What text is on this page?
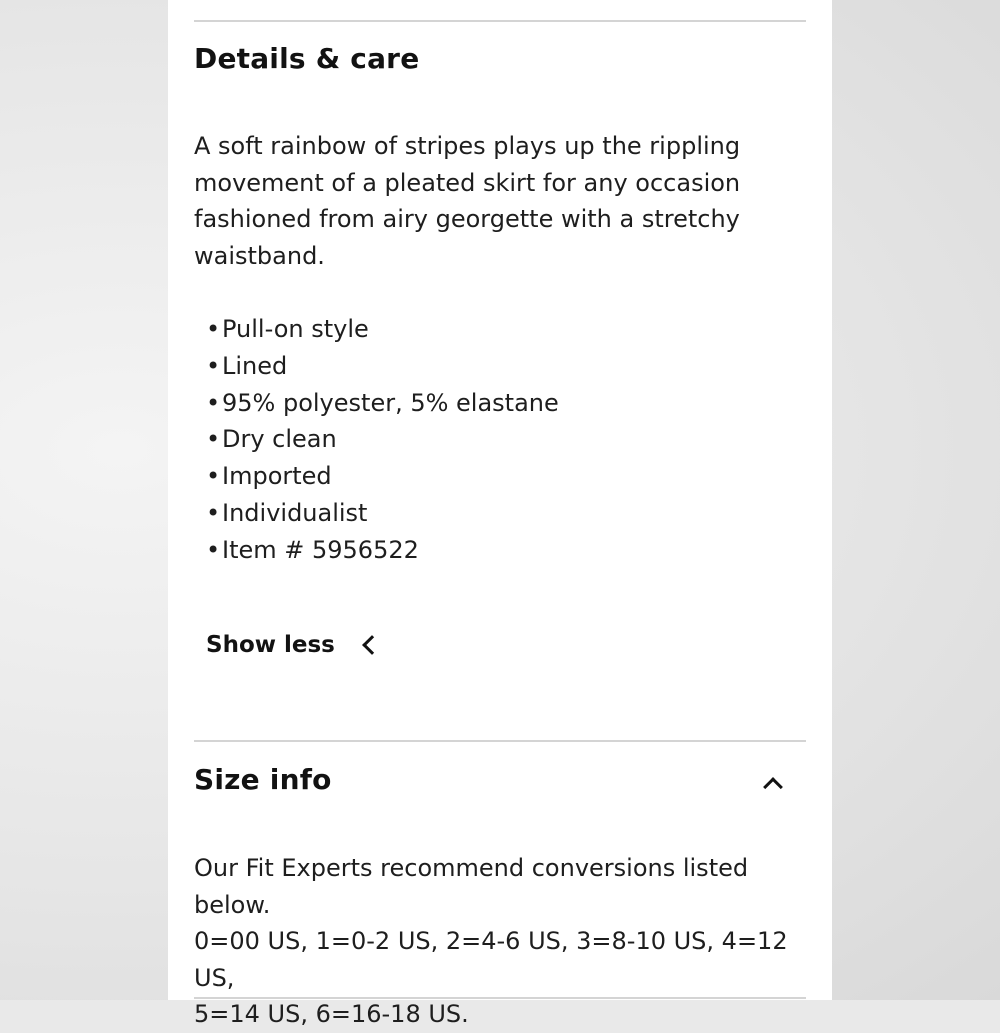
Details & care

A soft rainbow of stripes plays up the rippling
movement of a pleated skirt for any occasion
fashioned from airy georgette with a stretchy
waistband.

•Pull-on style
•Lined
•95% polyester, 5% elastane
•Dry clean
•Imported
•Individualist
•Item # 5956522
Show less
Size info

Our Fit Experts recommend conversions listed below.
0=00 US, 1=0-2 US, 2=4-6 US, 3=8-10 US, 4=12 US,
5=14 US, 6=16-18 US.
